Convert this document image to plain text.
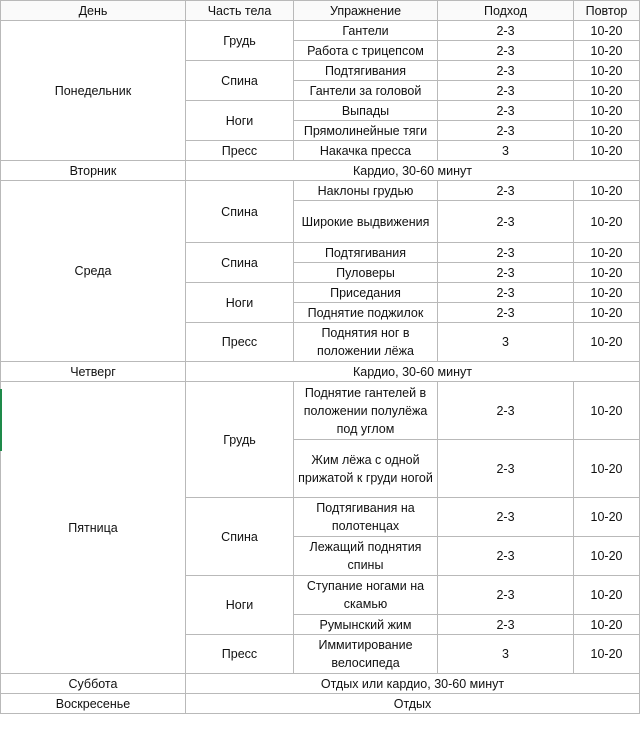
День	Часть тела	Упражнение	Подход	Повтор
Понедельник	Грудь	Гантели	2-3	10-20
		Работа с трицепсом	2-3	10-20
	Спина	Подтягивания	2-3	10-20
		Гантели за головой	2-3	10-20
	Ноги	Выпады	2-3	10-20
		Прямолинейные тяги	2-3	10-20
	Пресс	Накачка пресса	3	10-20
Вторник	Кардио, 30-60 минут			
Среда	Спина	Наклоны грудью	2-3	10-20
		Широкие выдвижения	2-3	10-20
	Спина	Подтягивания	2-3	10-20
		Пуловеры	2-3	10-20
	Ноги	Приседания	2-3	10-20
		Поднятие поджилок	2-3	10-20
	Пресс	Поднятия ног в положении лёжа	3	10-20
Четверг	Кардио, 30-60 минут			
Пятница	Грудь	Поднятие гантелей в положении полулёжа под углом	2-3	10-20
		Жим лёжа с одной прижатой к груди ногой	2-3	10-20
	Спина	Подтягивания на полотенцах	2-3	10-20
		Лежащий поднятия спины	2-3	10-20
	Ноги	Ступание ногами на скамью	2-3	10-20
		Румынский жим	2-3	10-20
	Пресс	Иммитирование велосипеда	3	10-20
Суббота	Отдых или кардио, 30-60 минут			
Воскресенье	Отдых			
